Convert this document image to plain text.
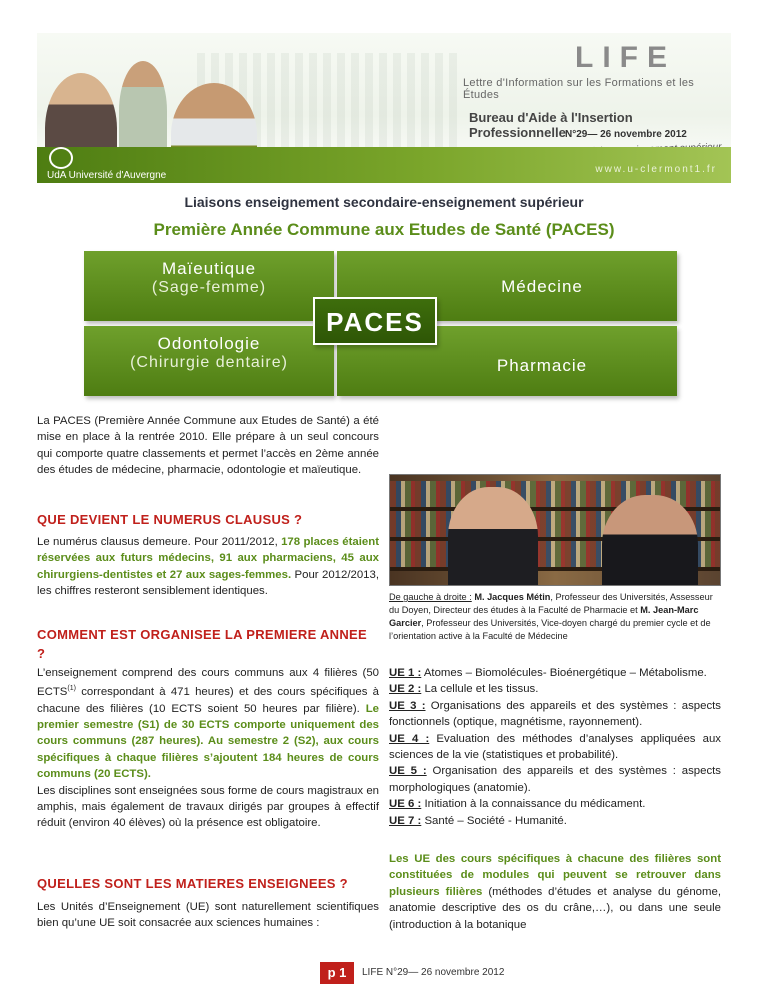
LIFE
Lettre d'Information sur les Formations et les Études
Bureau d'Aide à l'Insertion Professionnelle N°29— 26 novembre 2012
UdA Université d'Auvergne
www.u-clermont1.fr
Liaisons enseignement secondaire-enseignement supérieur
Première Année Commune aux Etudes de Santé (PACES)
Maïeutique
(Sage-femme)
Odontologie
(Chirurgie dentaire)
Médecine
Pharmacie
PACES

La PACES (Première Année Commune aux Etudes de Santé) a été mise en place à la rentrée 2010. Elle prépare à un seul concours qui comporte quatre classements et permet l’accès en 2ème année des études de médecine, pharmacie, odontologie et maïeutique.

QUE DEVIENT LE NUMERUS CLAUSUS ?

Le numérus clausus demeure. Pour 2011/2012, 178 places étaient réservées aux futurs médecins, 91 aux pharmaciens, 45 aux chirurgiens-dentistes et 27 aux sages-femmes. Pour 2012/2013, les chiffres resteront sensiblement identiques.

COMMENT EST ORGANISEE LA PREMIERE ANNEE ?

L’enseignement comprend des cours communs aux 4 filières (50 ECTS$^{(1)}$ correspondant à 471 heures) et des cours spécifiques à chacune des filières (10 ECTS soient 50 heures par filière). Le premier semestre (S1) de 30 ECTS comporte uniquement des cours communs (287 heures). Au semestre 2 (S2), aux cours spécifiques à chaque filières s’ajoutent 184 heures de cours communs (20 ECTS).

Les disciplines sont enseignées sous forme de cours magistraux en amphis, mais également de travaux dirigés par groupes à effectif réduit (environ 40 élèves) où la présence est obligatoire.

QUELLES SONT LES MATIERES ENSEIGNEES ?

Les Unités d’Enseignement (UE) sont naturellement scientifiques bien qu’une UE soit consacrée aux sciences humaines :

De gauche à droite : M. Jacques Métin, Professeur des Universités, Assesseur du Doyen, Directeur des études à la Faculté de Pharmacie et M. Jean-Marc Garcier, Professeur des Universités, Vice-doyen chargé du premier cycle et de l’orientation active à la Faculté de Médecine

UE 1 : Atomes – Biomolécules- Bioénergétique – Métabolisme.

UE 2 : La cellule et les tissus.

UE 3 : Organisations des appareils et des systèmes : aspects fonctionnels (optique, magnétisme, rayonnement).

UE 4 : Evaluation des méthodes d’analyses appliquées aux sciences de la vie (statistiques et probabilité).

UE 5 : Organisation des appareils et des systèmes : aspects morphologiques (anatomie).

UE 6 : Initiation à la connaissance du médicament.

UE 7 : Santé – Société - Humanité.

Les UE des cours spécifiques à chacune des filières sont constituées de modules qui peuvent se retrouver dans plusieurs filières (méthodes d’études et analyse du génome, anatomie descriptive des os du crâne,…), ou dans une seule (introduction à la botanique

p 1	LIFE N°29— 26 novembre 2012
